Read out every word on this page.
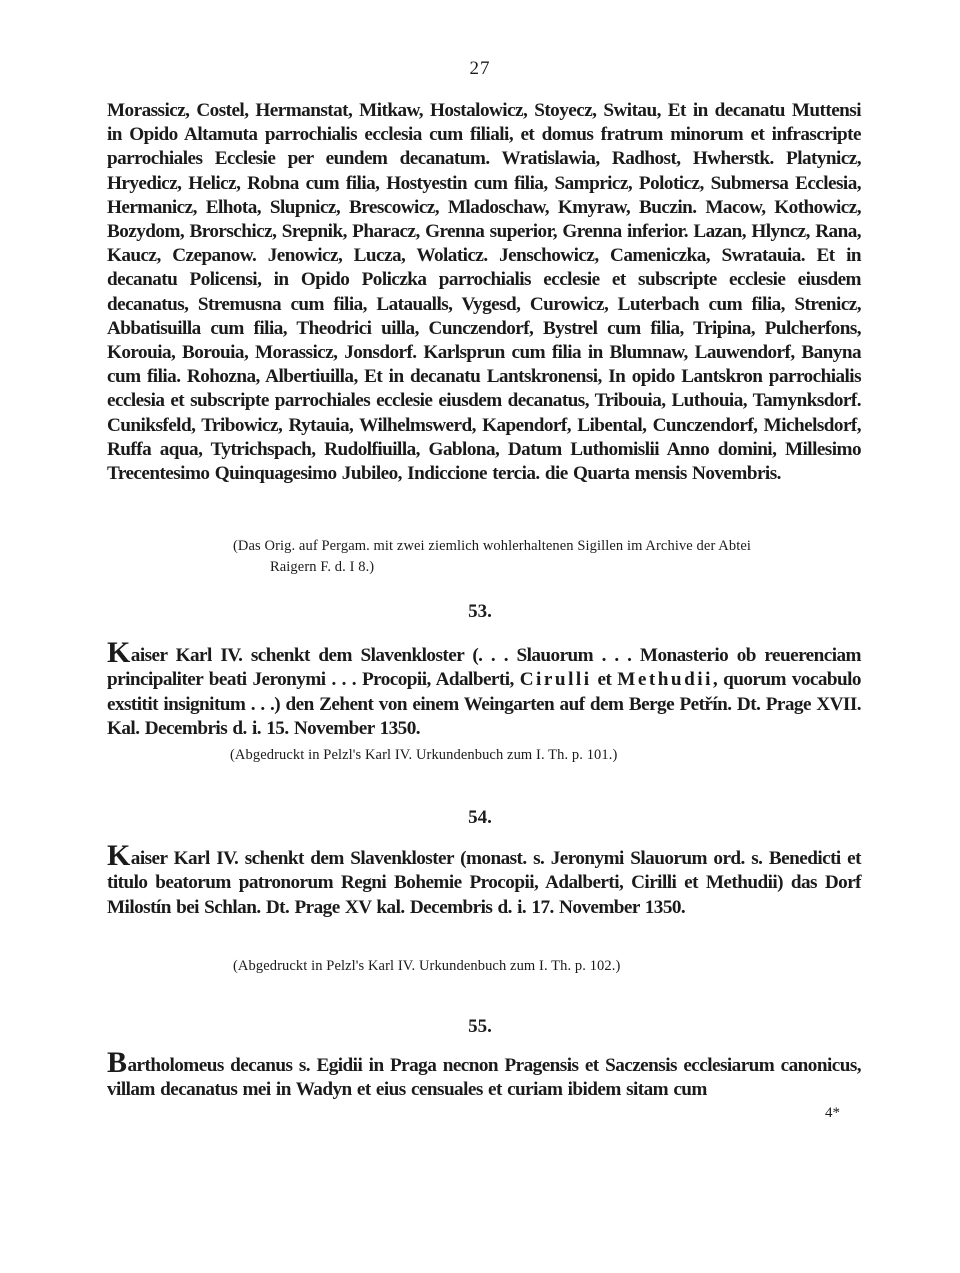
27
Morassicz, Costel, Hermanstat, Mitkaw, Hostalowicz, Stoyecz, Switau, Et in decanatu Muttensi in Opido Altamuta parrochialis ecclesia cum filiali, et domus fratrum minorum et infrascripte parrochiales Ecclesie per eundem decanatum. Wratislawia, Radhost, Hwherstk. Platynicz, Hryedicz, Helicz, Robna cum filia, Hostyestin cum filia, Sampricz, Poloticz, Submersa Ecclesia, Hermanicz, Elhota, Slupnicz, Brescowicz, Mladoschaw, Kmyraw, Buczin. Macow, Kothowicz, Bozydom, Brorschicz, Srepnik, Pharacz, Grenna superior, Grenna inferior. Lazan, Hlyncz, Rana, Kaucz, Czepanow. Jenowicz, Lucza, Wolaticz. Jenschowicz, Cameniczka, Swratauia. Et in decanatu Policensi, in Opido Policzka parrochialis ecclesie et subscripte ecclesie eiusdem decanatus, Stremusna cum filia, Lataualls, Vygesd, Curowicz, Luterbach cum filia, Strenicz, Abbatisuilla cum filia, Theodrici uilla, Cunczendorf, Bystrel cum filia, Tripina, Pulcherfons, Korouia, Borouia, Morassicz, Jonsdorf. Karlsprun cum filia in Blumnaw, Lauwendorf, Banyna cum filia. Rohozna, Albertiuilla, Et in decanatu Lantskronensi, In opido Lantskron parrochialis ecclesia et subscripte parrochiales ecclesie eiusdem decanatus, Tribouia, Luthouia, Tamynksdorf. Cuniksfeld, Tribowicz, Rytauia, Wilhelmswerd, Kapendorf, Libental, Cunczendorf, Michelsdorf, Ruffa aqua, Tytrichspach, Rudolfiuilla, Gablona, Datum Luthomislii Anno domini, Millesimo Trecentesimo Quinquagesimo Jubileo, Indiccione tercia. die Quarta mensis Novembris.
(Das Orig. auf Pergam. mit zwei ziemlich wohlerhaltenen Sigillen im Archive der Abtei
Raigern F. d. I 8.)
53.
Kaiser Karl IV. schenkt dem Slavenkloster (. . . Slauorum . . . Monasterio ob reuerenciam principaliter beati Jeronymi . . . Procopii, Adalberti, Cirulli et Methudii, quorum vocabulo exstitit insignitum . . .) den Zehent von einem Weingarten auf dem Berge Petřín. Dt. Prage XVII. Kal. Decembris d. i. 15. November 1350.
(Abgedruckt in Pelzl's Karl IV. Urkundenbuch zum I. Th. p. 101.)
54.
Kaiser Karl IV. schenkt dem Slavenkloster (monast. s. Jeronymi Slauorum ord. s. Benedicti et titulo beatorum patronorum Regni Bohemie Procopii, Adalberti, Cirilli et Methudii) das Dorf Milostín bei Schlan. Dt. Prage XV kal. Decembris d. i. 17. November 1350.
(Abgedruckt in Pelzl's Karl IV. Urkundenbuch zum I. Th. p. 102.)
55.
Bartholomeus decanus s. Egidii in Praga necnon Pragensis et Saczensis ecclesiarum canonicus, villam decanatus mei in Wadyn et eius censuales et curiam ibidem sitam cum
4*
